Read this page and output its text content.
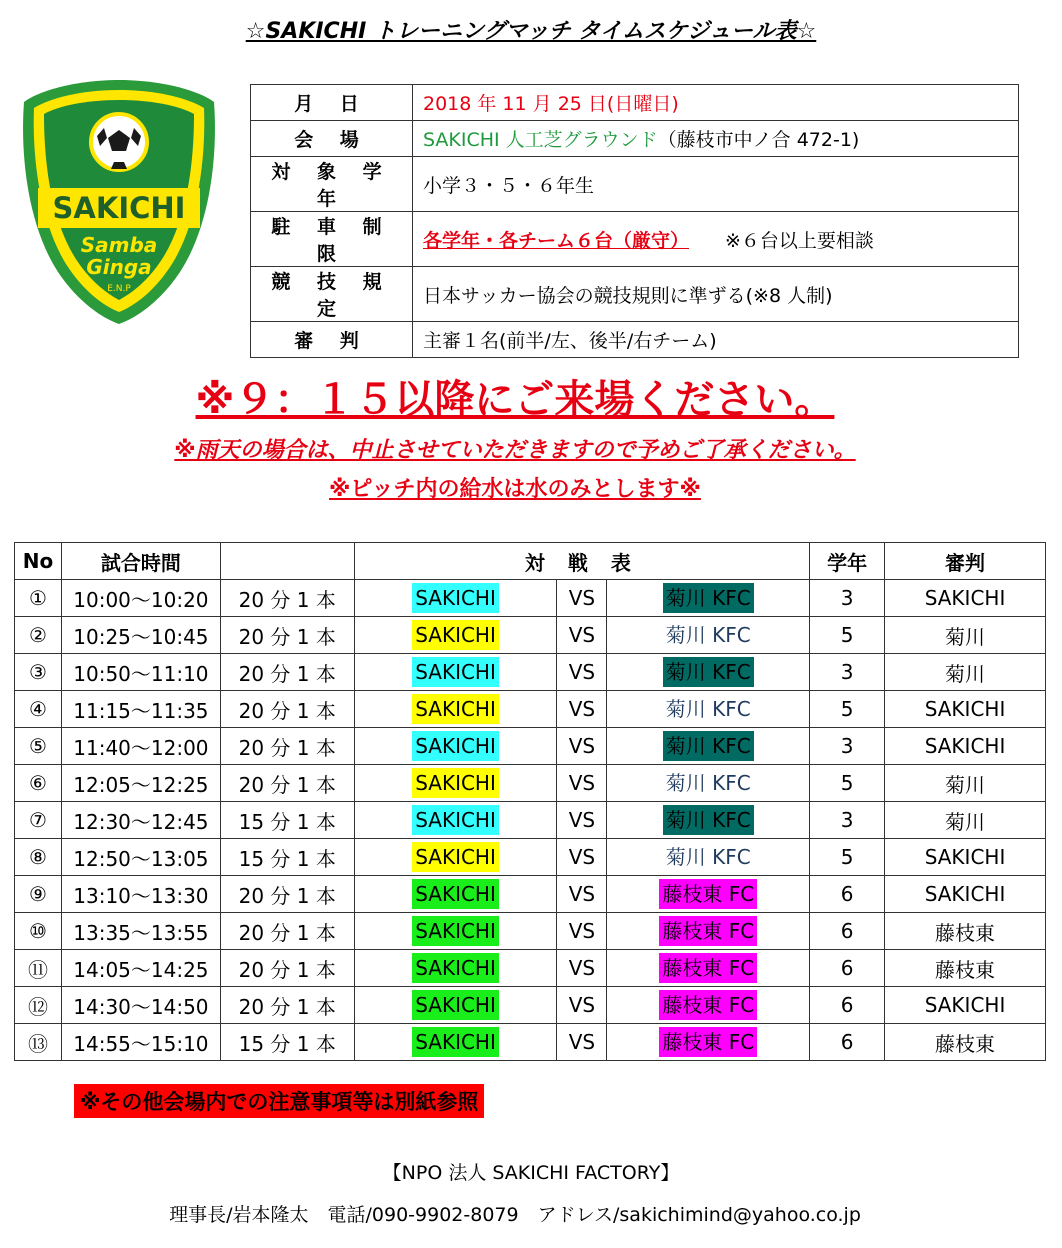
☆SAKICHI トレーニングマッチ タイムスケジュール表☆
SAKICHI
Samba
Ginga
E.N.P
月 日	2018 年 11 月 25 日(日曜日)
会 場	SAKICHI 人工芝グラウンド（藤枝市中ノ合 472-1)
対 象 学 年	小学３・５・６年生
駐 車 制 限	各学年・各チーム６台（厳守） ※６台以上要相談
競 技 規 定	日本サッカー協会の競技規則に準ずる(※8 人制)
審 判	主審１名(前半/左、後半/右チーム)
※９：１５以降にご来場ください。
※雨天の場合は、中止させていただきますので予めご了承ください。
※ピッチ内の給水は水のみとします※
No	試合時間		対 戦 表			学年	審判
①	10:00～10:20	20 分 1 本	SAKICHI	VS	菊川 KFC	3	SAKICHI
②	10:25～10:45	20 分 1 本	SAKICHI	VS	菊川 KFC	5	菊川
③	10:50～11:10	20 分 1 本	SAKICHI	VS	菊川 KFC	3	菊川
④	11:15～11:35	20 分 1 本	SAKICHI	VS	菊川 KFC	5	SAKICHI
⑤	11:40～12:00	20 分 1 本	SAKICHI	VS	菊川 KFC	3	SAKICHI
⑥	12:05～12:25	20 分 1 本	SAKICHI	VS	菊川 KFC	5	菊川
⑦	12:30～12:45	15 分 1 本	SAKICHI	VS	菊川 KFC	3	菊川
⑧	12:50～13:05	15 分 1 本	SAKICHI	VS	菊川 KFC	5	SAKICHI
⑨	13:10～13:30	20 分 1 本	SAKICHI	VS	藤枝東 FC	6	SAKICHI
⑩	13:35～13:55	20 分 1 本	SAKICHI	VS	藤枝東 FC	6	藤枝東
⑪	14:05～14:25	20 分 1 本	SAKICHI	VS	藤枝東 FC	6	藤枝東
⑫	14:30～14:50	20 分 1 本	SAKICHI	VS	藤枝東 FC	6	SAKICHI
⑬	14:55～15:10	15 分 1 本	SAKICHI	VS	藤枝東 FC	6	藤枝東
※その他会場内での注意事項等は別紙参照
【NPO 法人 SAKICHI FACTORY】
理事長/岩本隆太　電話/090-9902-8079　アドレス/sakichimind@yahoo.co.jp
